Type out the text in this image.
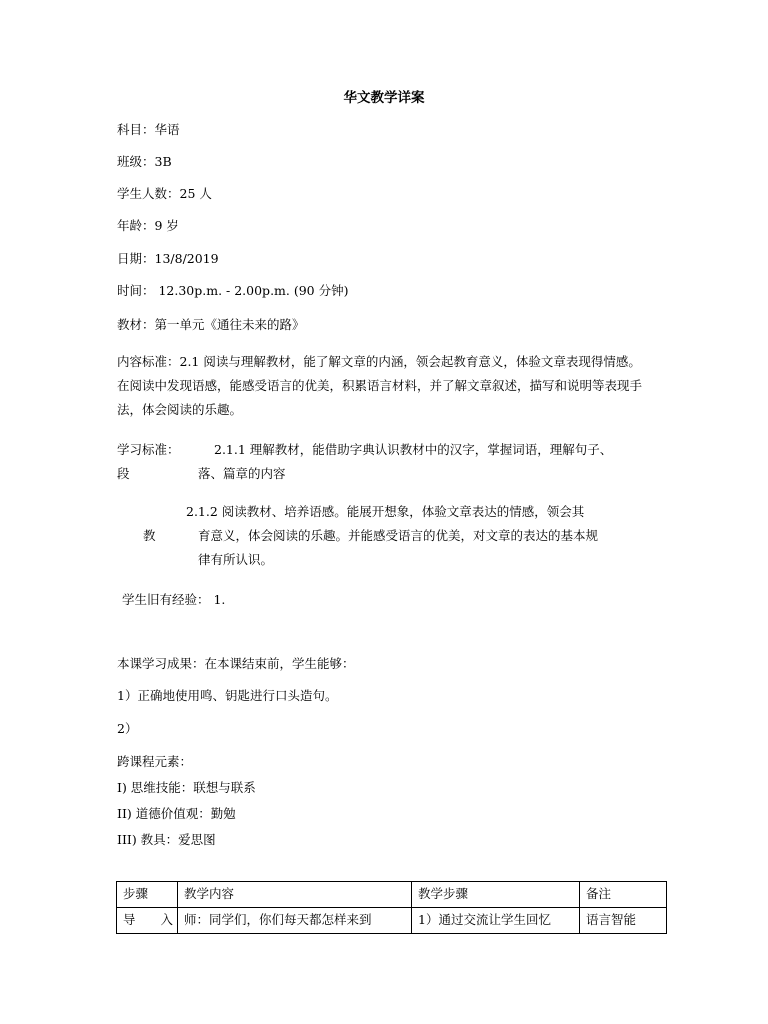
华文教学详案
科目：华语
班级：3B
学生人数：25 人
年龄：9 岁
日期：13/8/2019
时间： 12.30p.m. - 2.00p.m. (90 分钟)
教材：第一单元《通往未来的路》
内容标准：2.1 阅读与理解教材，能了解文章的内涵，领会起教育意义，体验文章表现得情感。在阅读中发现语感，能感受语言的优美，积累语言材料，并了解文章叙述，描写和说明等表现手法，体会阅读的乐趣。
学习标准：	2.1.1 理解教材，能借助字典认识教材中的汉字，掌握词语，理解句子、
段	落、篇章的内容
2.1.2 阅读教材、培养语感。能展开想象，体验文章表达的情感，领会其
教	育意义，体会阅读的乐趣。并能感受语言的优美，对文章的表达的基本规
律有所认识。
学生旧有经验： 1.
本课学习成果：在本课结束前，学生能够：
1）正确地使用鸣、钥匙进行口头造句。
2）
跨课程元素：
I) 思维技能：联想与联系
II) 道德价值观：勤勉
III) 教具：爱思图
步骤	教学内容	教学步骤	备注
导　　入	师：同学们，你们每天都怎样来到	1）通过交流让学生回忆	语言智能
